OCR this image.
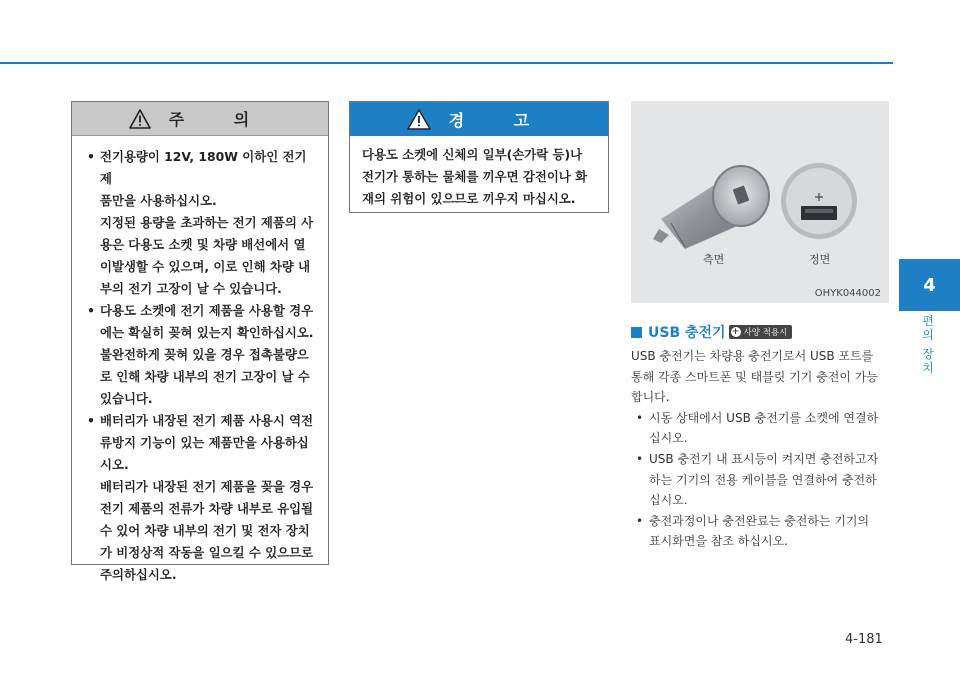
주 의
• 전기용량이 12V, 180W 이하인 전기 제
품만을 사용하십시오.
지정된 용량을 초과하는 전기 제품의 사
용은 다용도 소켓 및 차량 배선에서 열
이발생할 수 있으며, 이로 인해 차량 내
부의 전기 고장이 날 수 있습니다.
• 다용도 소켓에 전기 제품을 사용할 경우
에는 확실히 꽂혀 있는지 확인하십시오.
불완전하게 꽂혀 있을 경우 접촉불량으
로 인해 차량 내부의 전기 고장이 날 수
있습니다.
• 배터리가 내장된 전기 제품 사용시 역전
류방지 기능이 있는 제품만을 사용하십
시오.
배터리가 내장된 전기 제품을 꽂을 경우
전기 제품의 전류가 차량 내부로 유입될
수 있어 차량 내부의 전기 및 전자 장치
가 비정상적 작동을 일으킬 수 있으므로
주의하십시오.
경 고
다용도 소켓에 신체의 일부(손가락 등)나
전기가 통하는 물체를 끼우면 감전이나 화
재의 위험이 있으므로 끼우지 마십시오.
측면	정면
OHYK044002
USB 충전기 + 사양 적용시
USB 충전기는 차량용 충전기로서 USB 포트를
통해 각종 스마트폰 및 태블릿 기기 충전이 가능
합니다.
• 시동 상태에서 USB 충전기를 소켓에 연결하
십시오.
• USB 충전기 내 표시등이 켜지면 충전하고자
하는 기기의 전용 케이블을 연결하여 충전하
십시오.
• 충전과정이나 충전완료는 충전하는 기기의
표시화면을 참조 하십시오.
4
편
의
장
치
4-181
